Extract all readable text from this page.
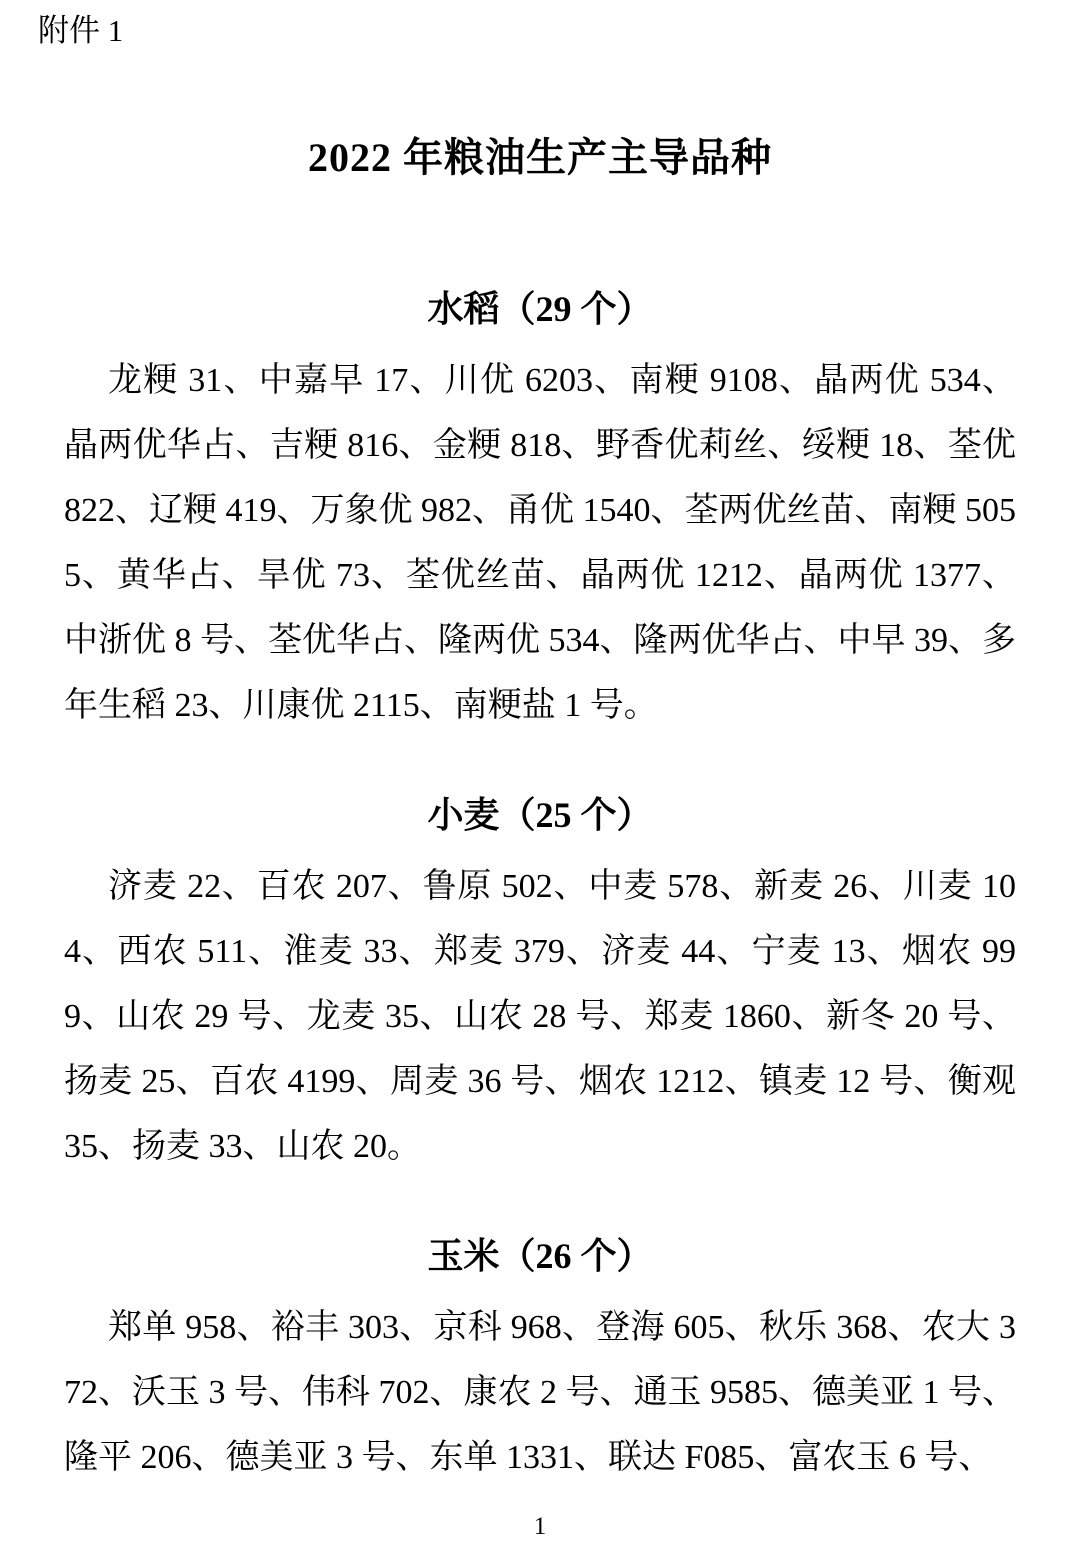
附件 1
2022 年粮油生产主导品种
水稻（29 个）

龙粳 31、中嘉早 17、川优 6203、南粳 9108、晶两优 534、晶两优华占、吉粳 816、金粳 818、野香优莉丝、绥粳 18、荃优 822、辽粳 419、万象优 982、甬优 1540、荃两优丝苗、南粳 5055、黄华占、旱优 73、荃优丝苗、晶两优 1212、晶两优 1377、中浙优 8 号、荃优华占、隆两优 534、隆两优华占、中早 39、多年生稻 23、川康优 2115、南粳盐 1 号。

小麦（25 个）

济麦 22、百农 207、鲁原 502、中麦 578、新麦 26、川麦 104、西农 511、淮麦 33、郑麦 379、济麦 44、宁麦 13、烟农 999、山农 29 号、龙麦 35、山农 28 号、郑麦 1860、新冬 20 号、扬麦 25、百农 4199、周麦 36 号、烟农 1212、镇麦 12 号、衡观 35、扬麦 33、山农 20。

玉米（26 个）

郑单 958、裕丰 303、京科 968、登海 605、秋乐 368、农大 372、沃玉 3 号、伟科 702、康农 2 号、通玉 9585、德美亚 1 号、隆平 206、德美亚 3 号、东单 1331、联达 F085、富农玉 6 号、

1
